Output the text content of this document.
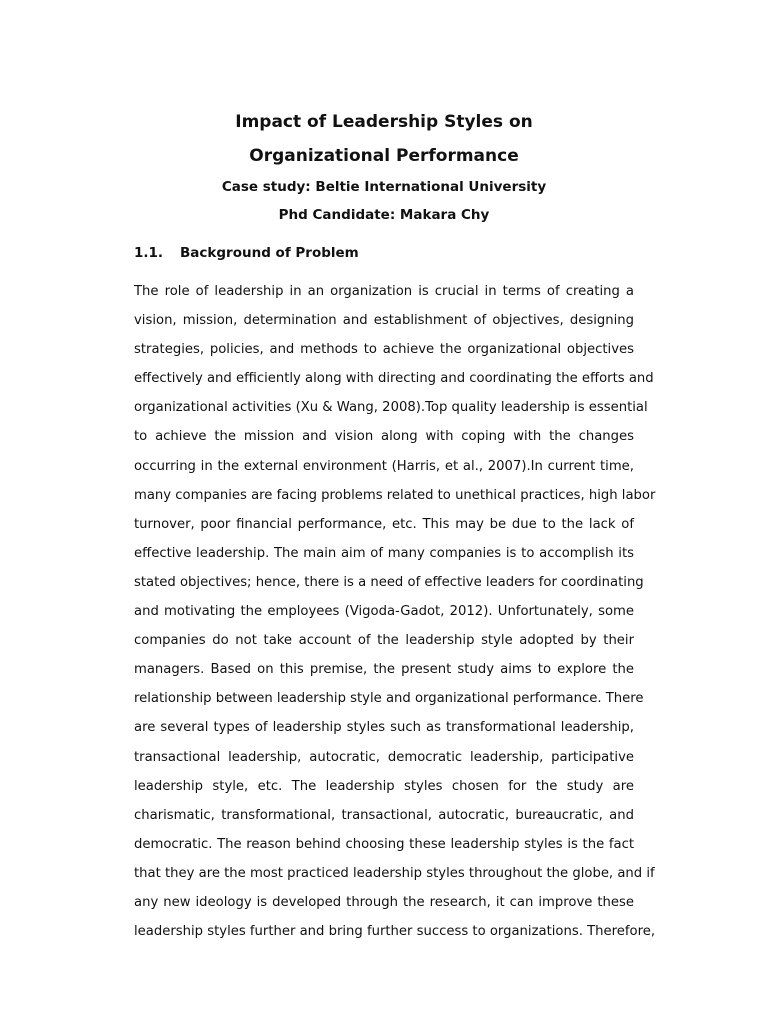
Impact of Leadership Styles on
Organizational Performance
Case study: Beltie International University
Phd Candidate: Makara Chy
1.1. Background of Problem
The role of leadership in an organization is crucial in terms of creating a
vision, mission, determination and establishment of objectives, designing
strategies, policies, and methods to achieve the organizational objectives
effectively and efficiently along with directing and coordinating the efforts and
organizational activities (Xu & Wang, 2008).Top quality leadership is essential
to achieve the mission and vision along with coping with the changes
occurring in the external environment (Harris, et al., 2007).In current time,
many companies are facing problems related to unethical practices, high labor
turnover, poor financial performance, etc. This may be due to the lack of
effective leadership. The main aim of many companies is to accomplish its
stated objectives; hence, there is a need of effective leaders for coordinating
and motivating the employees (Vigoda-Gadot, 2012). Unfortunately, some
companies do not take account of the leadership style adopted by their
managers. Based on this premise, the present study aims to explore the
relationship between leadership style and organizational performance. There
are several types of leadership styles such as transformational leadership,
transactional leadership, autocratic, democratic leadership, participative
leadership style, etc. The leadership styles chosen for the study are
charismatic, transformational, transactional, autocratic, bureaucratic, and
democratic. The reason behind choosing these leadership styles is the fact
that they are the most practiced leadership styles throughout the globe, and if
any new ideology is developed through the research, it can improve these
leadership styles further and bring further success to organizations. Therefore,
